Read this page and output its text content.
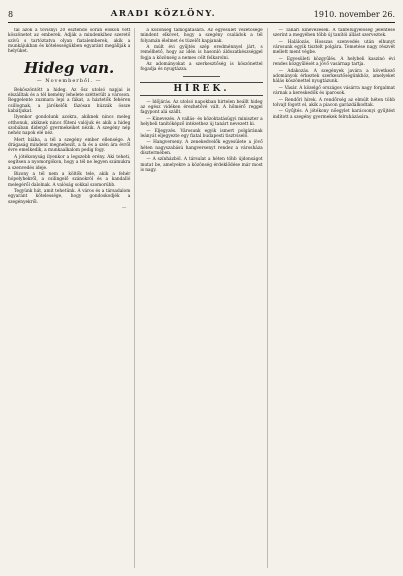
8	ARADI KÖZLÖNY.	1910. november 26.

tal azok a tövisnyi 20 esztendő során élőkön vett köszönetet az emberek. Adják a mindenkihez szerető szívü s tartóztatva olyan fiatalemberek, akik a munkájukban és kötelességükben egyaránt megállják a helyüket.

Hideg van.
— Novemberből. —

Beköszöntött a hideg. Az ősz utolsó napjai is elszálltak és a tél kemény lehelete szétterült a városon. Reggelente zuzmara lepi a fákat, a háztetők fehéren csillognak, a járókelők fázósan húzzák össze kabátjukat.

Ilyenkor gondolunk azokra, akiknek nincs meleg otthonuk, akiknek nincs fűteni valójuk és akik a hideg szobában didergő gyermekeiket nézik. A szegény nép nehéz napok elé néz.

Mert hiába, a tél a szegény ember ellensége. A drágaság mindent megnehezít, a fa és a szén ára évről évre emelkedik, a munkaalkalom pedig fogy.

A jótékonyság ilyenkor a legszebb erény. Aki teheti, segítsen a nyomorgókon, hogy a tél ne legyen számukra a szenvedés ideje.

Bizony a tél nem a költők tele, akik a fehér hópelyhekről, a csilingelő szánokról és a kandalló melegéről dalolnak. A valóság sokkal szomorúbb.

Tegyünk hát, amit tehetünk. A város és a társadalom egyaránt kötelessége, hogy gondoskodjék a szegényekről.

—

a közönség támogatására. Az egyesület vezetősége mindent elkövet, hogy a szegény családok a tél folyamán élelmet és tüzelőt kapjanak.

A múlt évi gyűjtés szép eredménnyel járt, s remélhető, hogy az idén is hasonló áldozatkészséggel fogja a közönség a nemes célt felkarolni.

Az adományokat a szerkesztőség is köszönettel fogadja és nyugtázza.

HÍREK.

— Időjárás. Az utolsó napokban hirtelen beállt hideg az egész vidéken érezhetővé vált. A hőmérő reggel fagypont alá szállt.

— Kinevezés. A vallás- és közoktatásügyi miniszter a helybeli tanítóképző intézethez új tanárt nevezett ki.

— Eljegyzés. Városunk egyik ismert polgárának leányát eljegyezte egy fiatal budapesti tisztviselő.

— Hangverseny. A zenekedvelők egyesülete a jövő héten nagyszabású hangversenyt rendez a városháza dísztermében.

— A színházból. A társulat a héten több újdonságot mutat be, amelyekre a közönség érdeklődése már most is nagy.

— Tanári kinevezések. A tanfelügyelőség jelentése szerint a megyében több új tanítói állást szerveztek.

— Halálozás. Hosszas szenvedés után elhunyt városunk egyik tisztelt polgára. Temetése nagy részvét mellett ment végbe.

— Egyesületi közgyűlés. A helybeli kaszinó évi rendes közgyűlését a jövő vasárnap tartja.

— Adakozás. A szegények javára a következő adományok érkeztek szerkesztőségünkhöz, amelyeket hálás köszönettel nyugtázunk.

— Vásár. A közelgő országos vásárra nagy forgalmat várnak a kereskedők és iparosok.

— Rendőri hírek. A rendőrség az elmúlt héten több tolvajt fogott el, akik a piacon garázdálkodtak.

— Gyűjtés. A jótékony nőegylet karácsonyi gyűjtést indított a szegény gyermekek felruházására.
